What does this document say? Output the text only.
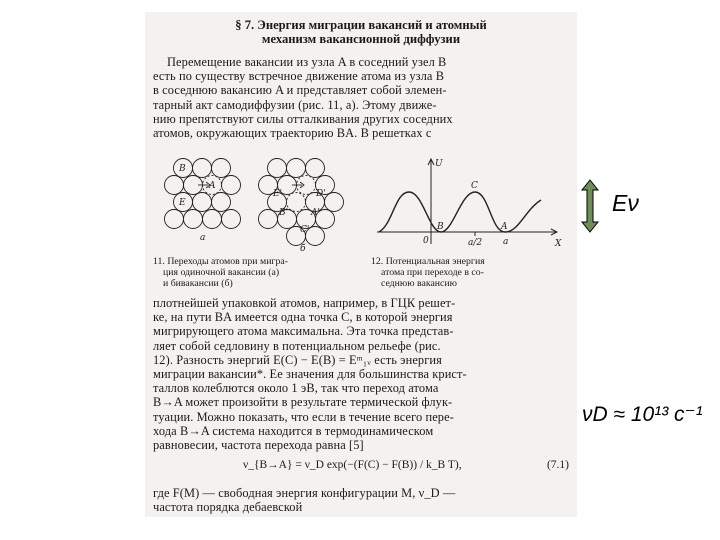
§ 7. Энергия миграции вакансий и атомный
механизм вакансионной диффузии
Перемещение вакансии из узла A в соседний узел B
есть по существу встречное движение атома из узла B
в соседнюю вакансию A и представляет собой элемен-
тарный акт самодиффузии (рис. 11, a). Этому движе-
нию препятствуют силы отталкивания других соседних
атомов, окружающих траекторию BA. В решетках с
B
A
E
E'	D'
B'	A'
C'
a
б
U
X
C
B	A
0	a/2 a
11. Переходы атомов при мигра-
ция одиночной вакансии (a)
и бивакансии (б)
12. Потенциальная энергия
атома при переходе в со-
седнюю вакансию
плотнейшей упаковкой атомов, например, в ГЦК решет-
ке, на пути BA имеется одна точка C, в которой энергия
мигрирующего атома максимальна. Эта точка представ-
ляет собой седловину в потенциальном рельефе (рис.
12). Разность энергий E(C) − E(B) = Eᵐ₁ᵥ есть энергия
миграции вакансии*. Ее значения для большинства крист-
таллов колеблются около 1 эВ, так что переход атома
B→A может произойти в результате термической флук-
туации. Можно показать, что если в течение всего пере-
хода B→A система находится в термодинамическом
равновесии, частота перехода равна [5]
ν_{B→A} = ν_D exp(−(F(C) − F(B)) / k_B T),	(7.1)
где F(M) — свободная энергия конфигурации M, ν_D —
частота порядка дебаевской
Eν
νD ≈ 10¹³ с⁻¹
